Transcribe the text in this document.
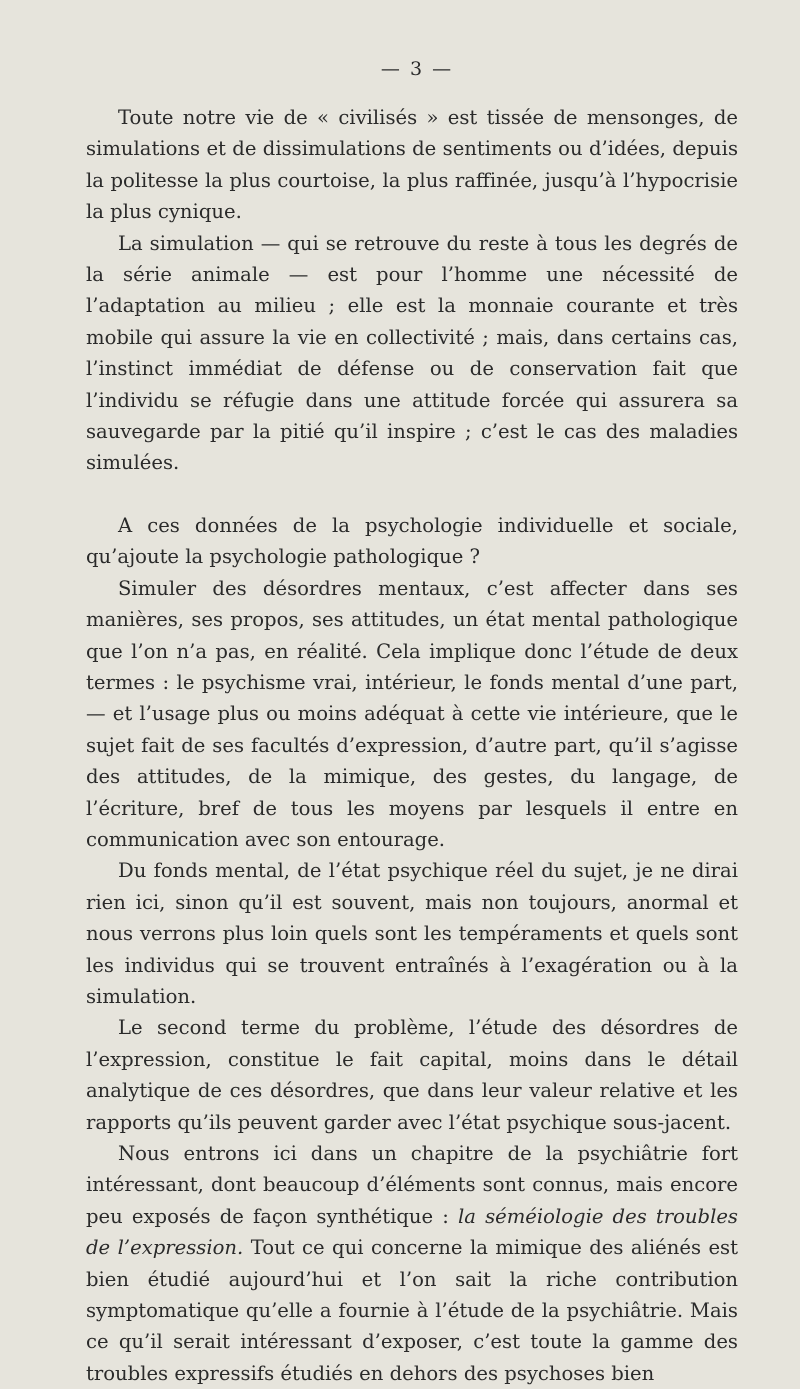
— 3 —

Toute notre vie de « civilisés » est tissée de mensonges, de simulations et de dissimulations de sentiments ou d’idées, depuis la politesse la plus courtoise, la plus raffinée, jusqu’à l’hypocrisie la plus cynique.

La simulation — qui se retrouve du reste à tous les degrés de la série animale — est pour l’homme une nécessité de l’adaptation au milieu ; elle est la monnaie courante et très mobile qui assure la vie en collectivité ; mais, dans certains cas, l’instinct immédiat de défense ou de conservation fait que l’individu se réfugie dans une attitude forcée qui assurera sa sauvegarde par la pitié qu’il inspire ; c’est le cas des maladies simulées.

A ces données de la psychologie individuelle et sociale, qu’ajoute la psychologie pathologique ?

Simuler des désordres mentaux, c’est affecter dans ses manières, ses propos, ses attitudes, un état mental pathologique que l’on n’a pas, en réalité. Cela implique donc l’étude de deux termes : le psychisme vrai, intérieur, le fonds mental d’une part, — et l’usage plus ou moins adéquat à cette vie intérieure, que le sujet fait de ses facultés d’expression, d’autre part, qu’il s’agisse des attitudes, de la mimique, des gestes, du langage, de l’écriture, bref de tous les moyens par lesquels il entre en communication avec son entourage.

Du fonds mental, de l’état psychique réel du sujet, je ne dirai rien ici, sinon qu’il est souvent, mais non toujours, anormal et nous verrons plus loin quels sont les tempéraments et quels sont les individus qui se trouvent entraînés à l’exagération ou à la simulation.

Le second terme du problème, l’étude des désordres de l’expression, constitue le fait capital, moins dans le détail analytique de ces désordres, que dans leur valeur relative et les rapports qu’ils peuvent garder avec l’état psychique sous-jacent.

Nous entrons ici dans un chapitre de la psychiâtrie fort intéressant, dont beaucoup d’éléments sont connus, mais encore peu exposés de façon synthétique : la séméiologie des troubles de l’expression. Tout ce qui concerne la mimique des aliénés est bien étudié aujourd’hui et l’on sait la riche contribution symptomatique qu’elle a fournie à l’étude de la psychiâtrie. Mais ce qu’il serait intéressant d’exposer, c’est toute la gamme des troubles expressifs étudiés en dehors des psychoses bien
